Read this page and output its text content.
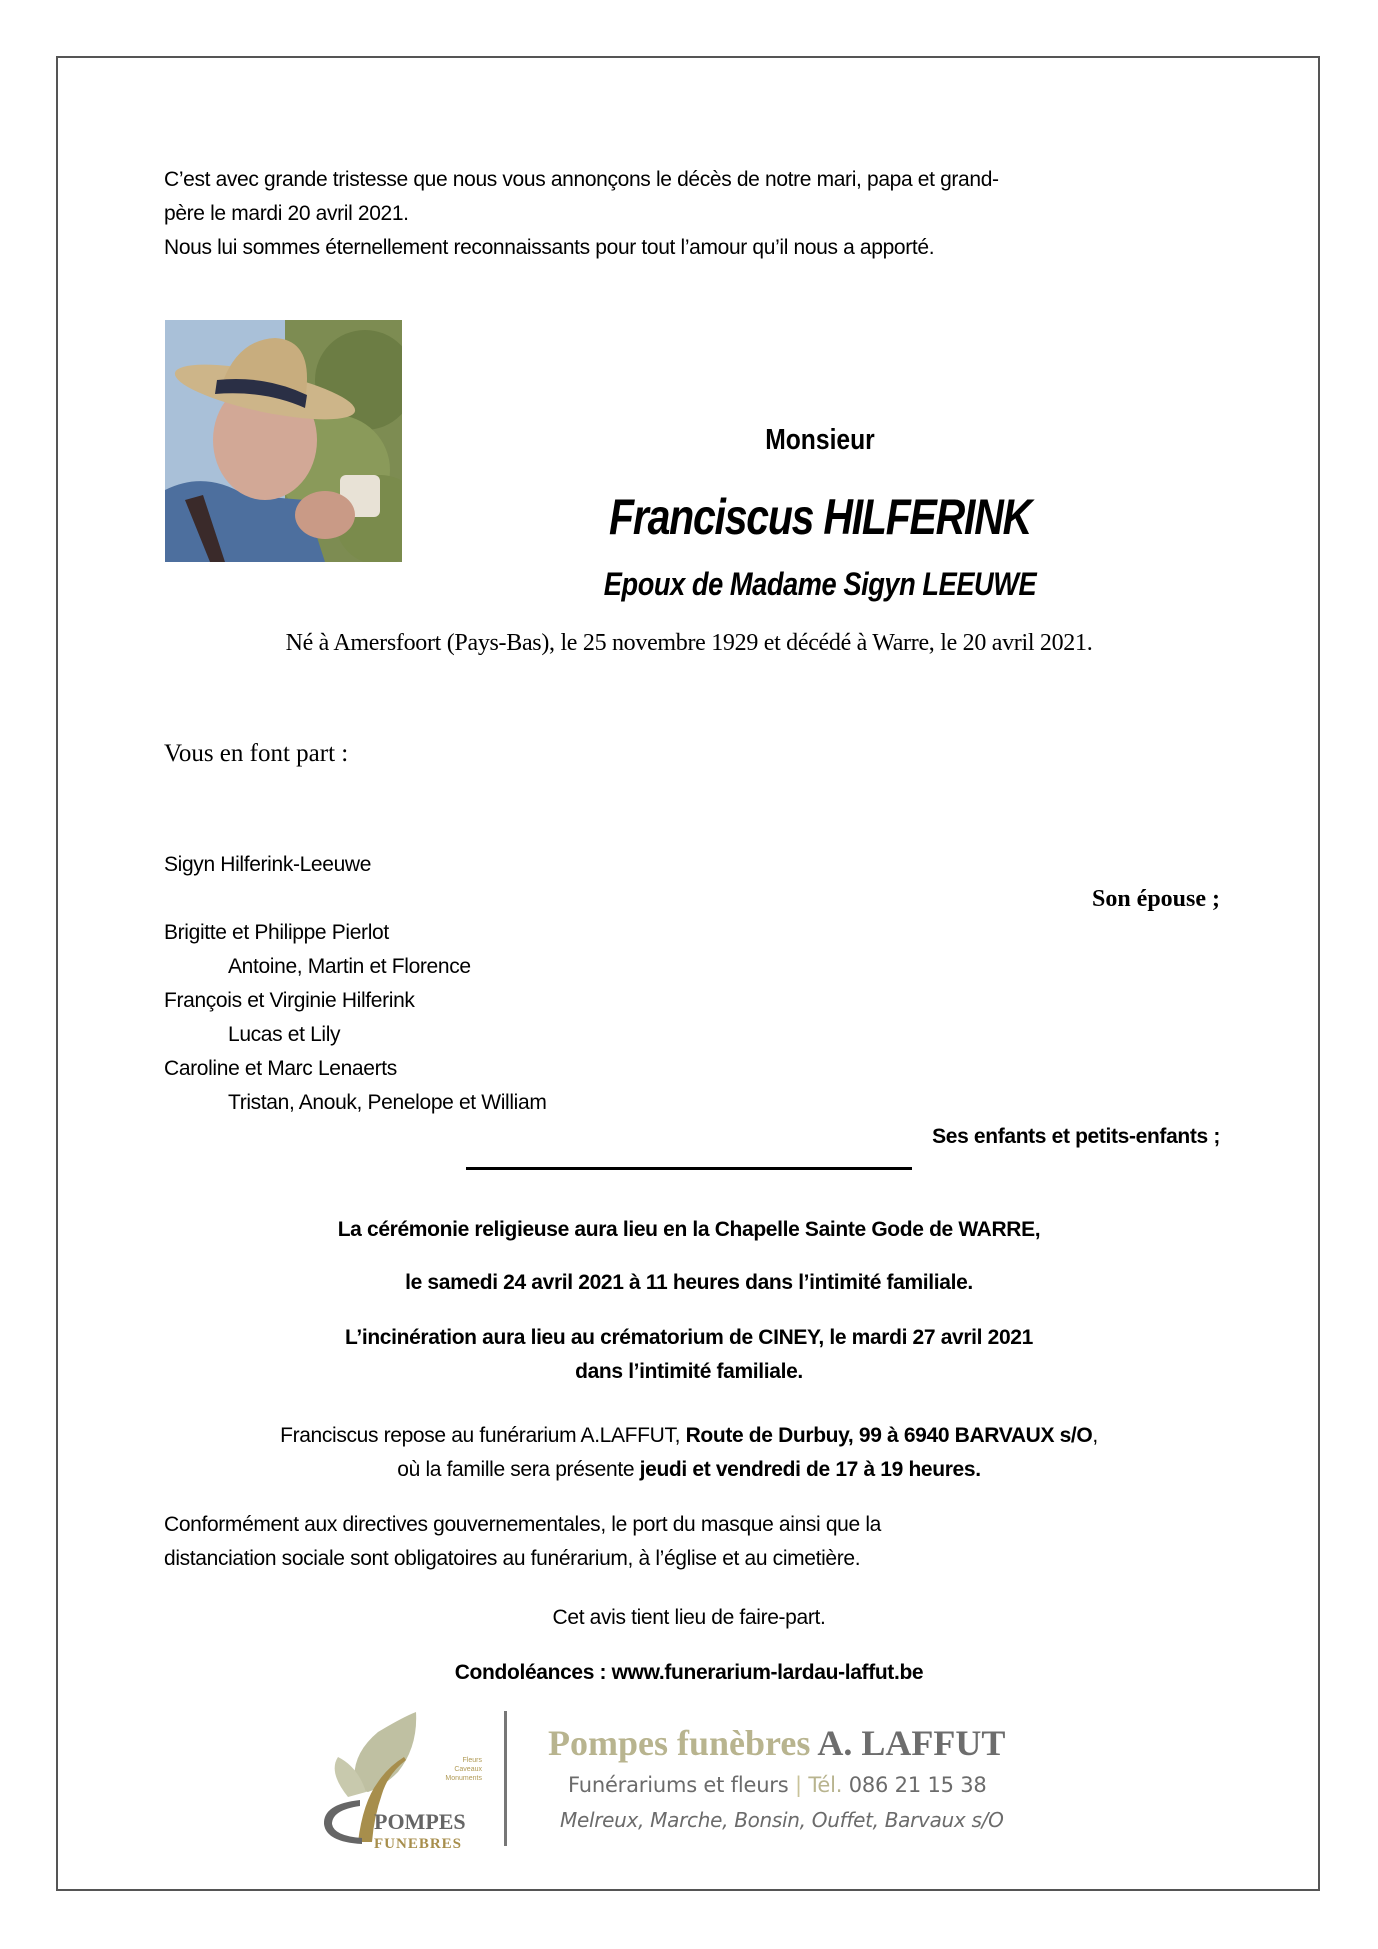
C’est avec grande tristesse que nous vous annonçons le décès de notre mari, papa et grand-
père le mardi 20 avril 2021.
Nous lui sommes éternellement reconnaissants pour tout l’amour qu’il nous a apporté.
Monsieur
Franciscus HILFERINK
Epoux de Madame Sigyn LEEUWE
Né à Amersfoort (Pays-Bas), le 25 novembre 1929 et décédé à Warre, le 20 avril 2021.
Vous en font part :
Sigyn Hilferink-Leeuwe
Son épouse ;
Brigitte et Philippe Pierlot
Antoine, Martin et Florence
François et Virginie Hilferink
Lucas et Lily
Caroline et Marc Lenaerts
Tristan, Anouk, Penelope et William
Ses enfants et petits-enfants ;
La cérémonie religieuse aura lieu en la Chapelle Sainte Gode de WARRE,
le samedi 24 avril 2021 à 11 heures dans l’intimité familiale.
L’incinération aura lieu au crématorium de CINEY, le mardi 27 avril 2021
dans l’intimité familiale.
Franciscus repose au funérarium A.LAFFUT, Route de Durbuy, 99 à 6940 BARVAUX s/O,
où la famille sera présente jeudi et vendredi de 17 à 19 heures.
Conformément aux directives gouvernementales, le port du masque ainsi que la
distanciation sociale sont obligatoires au funérarium, à l’église et au cimetière.
Cet avis tient lieu de faire-part.
Condoléances : www.funerarium-lardau-laffut.be
POMPES
FUNEBRES
Fleurs
Caveaux
Monuments
Pompes funèbres A. LAFFUT
Funérariums et fleurs | Tél. 086 21 15 38
Melreux, Marche, Bonsin, Ouffet, Barvaux s/O
